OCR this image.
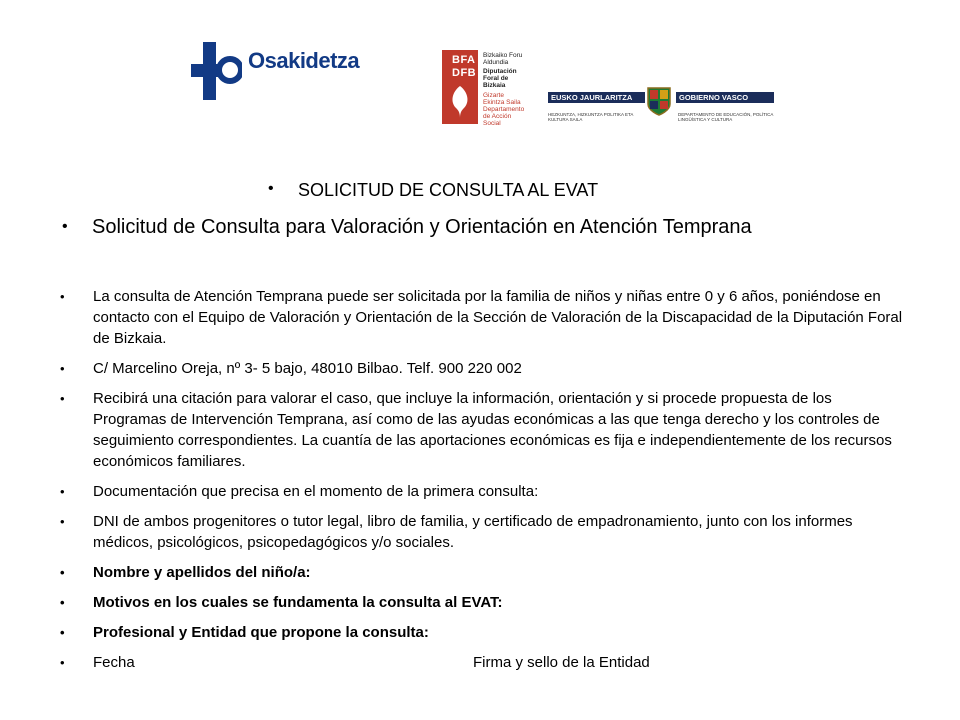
Osakidetza	BFA
DFB
Bizkaiko Foru Aldundia
Diputación Foral de Bizkaia
Gizarte Ekintza Saila
Departamento de Acción Social
EUSKO JAURLARITZA	GOBIERNO VASCO
HEZKUNTZA, HIZKUNTZA POLITIKA ETA KULTURA SAILA
DEPARTAMENTO DE EDUCACIÓN, POLÍTICA LINGÜÍSTICA Y CULTURA
• SOLICITUD DE CONSULTA AL EVAT
• Solicitud de Consulta para Valoración y Orientación en Atención Temprana

• La consulta de Atención Temprana puede ser solicitada por la familia de niños y niñas entre 0 y 6 años, poniéndose en contacto con el Equipo de Valoración y Orientación de la Sección de Valoración de la Discapacidad de la Diputación Foral de Bizkaia.

• C/ Marcelino Oreja, nº 3- 5 bajo, 48010 Bilbao. Telf. 900 220 002

• Recibirá una citación para valorar el caso, que incluye la información, orientación y si procede propuesta de los Programas de Intervención Temprana, así como de las ayudas económicas a las que tenga derecho y los controles de seguimiento correspondientes. La cuantía de las aportaciones económicas es fija e independientemente de los recursos económicos familiares.

• Documentación que precisa en el momento de la primera consulta:

• DNI de ambos progenitores o tutor legal, libro de familia, y certificado de empadronamiento, junto con los informes médicos, psicológicos, psicopedagógicos y/o sociales.

• Nombre y apellidos del niño/a:

• Motivos en los cuales se fundamenta la consulta al EVAT:

• Profesional y Entidad que propone la consulta:

• Fecha	Firma y sello de la Entidad
